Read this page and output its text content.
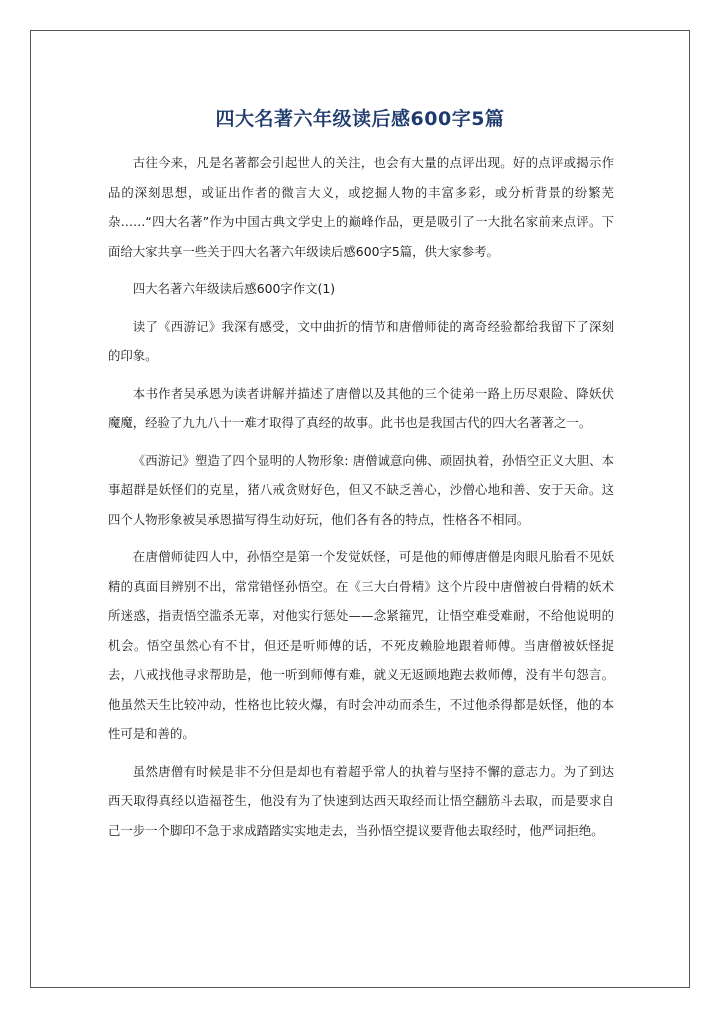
四大名著六年级读后感600字5篇

古往今来，凡是名著都会引起世人的关注，也会有大量的点评出现。好的点评或揭示作品的深刻思想，或证出作者的微言大义，或挖掘人物的丰富多彩，或分析背景的纷繁芜杂……“四大名著”作为中国古典文学史上的巅峰作品，更是吸引了一大批名家前来点评。下面给大家共享一些关于四大名著六年级读后感600字5篇，供大家参考。

四大名著六年级读后感600字作文(1)

读了《西游记》我深有感受，文中曲折的情节和唐僧师徒的离奇经验都给我留下了深刻的印象。

本书作者吴承恩为读者讲解并描述了唐僧以及其他的三个徒弟一路上历尽艰险、降妖伏魔魔，经验了九九八十一难才取得了真经的故事。此书也是我国古代的四大名著著之一。

《西游记》塑造了四个显明的人物形象: 唐僧诚意向佛、顽固执着，孙悟空正义大胆、本事超群是妖怪们的克星，猪八戒贪财好色，但又不缺乏善心，沙僧心地和善、安于天命。这四个人物形象被吴承恩描写得生动好玩，他们各有各的特点，性格各不相同。

在唐僧师徒四人中，孙悟空是第一个发觉妖怪，可是他的师傅唐僧是肉眼凡胎看不见妖精的真面目辨别不出，常常错怪孙悟空。在《三大白骨精》这个片段中唐僧被白骨精的妖术所迷惑，指责悟空滥杀无辜，对他实行惩处——念紧箍咒，让悟空难受难耐，不给他说明的机会。悟空虽然心有不甘，但还是听师傅的话，不死皮赖脸地跟着师傅。当唐僧被妖怪捉去，八戒找他寻求帮助是，他一听到师傅有难，就义无返顾地跑去救师傅，没有半句怨言。他虽然天生比较冲动，性格也比较火爆，有时会冲动而杀生，不过他杀得都是妖怪，他的本性可是和善的。

虽然唐僧有时候是非不分但是却也有着超乎常人的执着与坚持不懈的意志力。为了到达西天取得真经以造福苍生，他没有为了快速到达西天取经而让悟空翻筋斗去取，而是要求自己一步一个脚印不急于求成踏踏实实地走去，当孙悟空提议要背他去取经时，他严词拒绝。
